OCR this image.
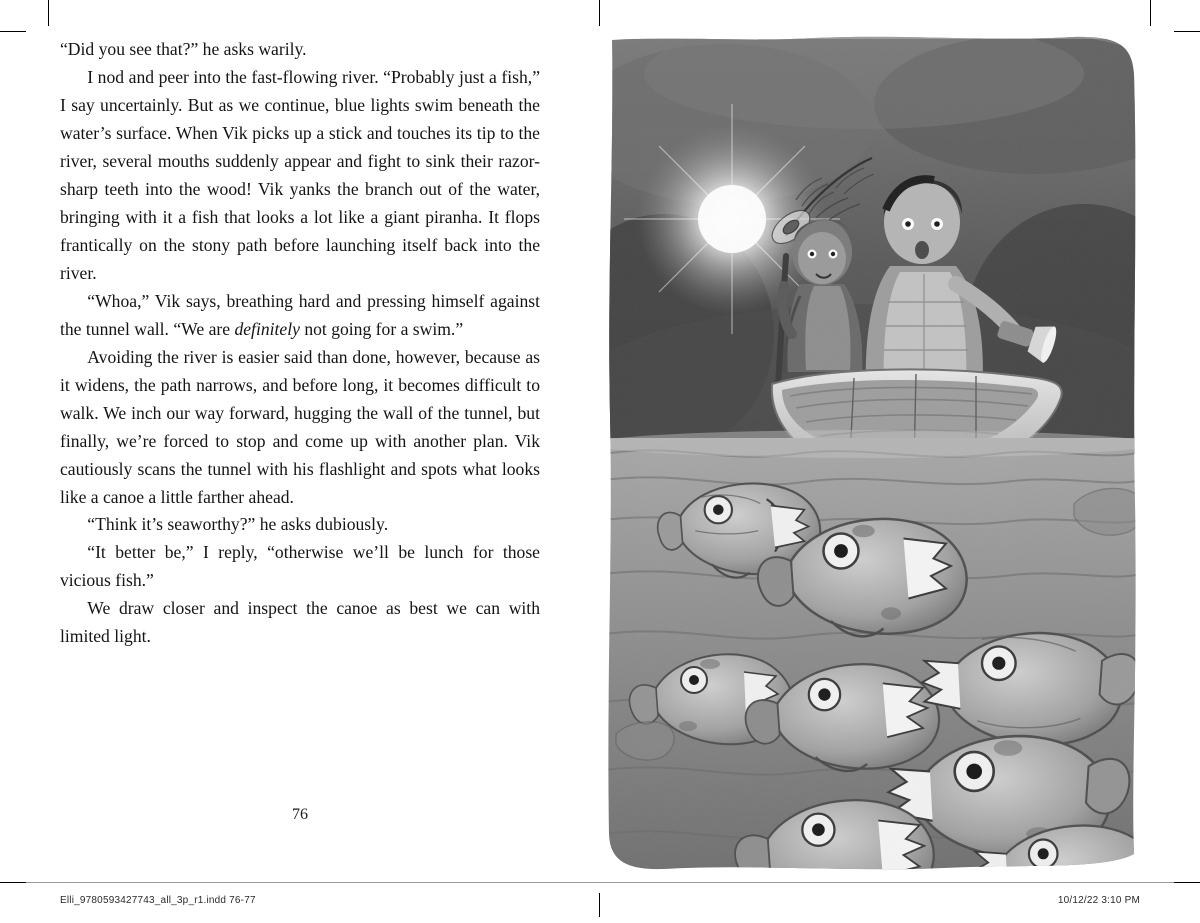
“Did you see that?” he asks warily.

I nod and peer into the fast-flowing river. “Probably just a fish,” I say uncertainly. But as we continue, blue lights swim beneath the water’s surface. When Vik picks up a stick and touches its tip to the river, several mouths suddenly appear and fight to sink their razor-sharp teeth into the wood! Vik yanks the branch out of the water, bringing with it a fish that looks a lot like a giant piranha. It flops frantically on the stony path before launching itself back into the river.

“Whoa,” Vik says, breathing hard and pressing himself against the tunnel wall. “We are definitely not going for a swim.”

Avoiding the river is easier said than done, however, because as it widens, the path narrows, and before long, it becomes difficult to walk. We inch our way forward, hugging the wall of the tunnel, but finally, we’re forced to stop and come up with another plan. Vik cautiously scans the tunnel with his flashlight and spots what looks like a canoe a little farther ahead.

“Think it’s seaworthy?” he asks dubiously.

“It better be,” I reply, “otherwise we’ll be lunch for those vicious fish.”

We draw closer and inspect the canoe as best we can with limited light.

76
Elli_9780593427743_all_3p_r1.indd 76-77	10/12/22 3:10 PM
